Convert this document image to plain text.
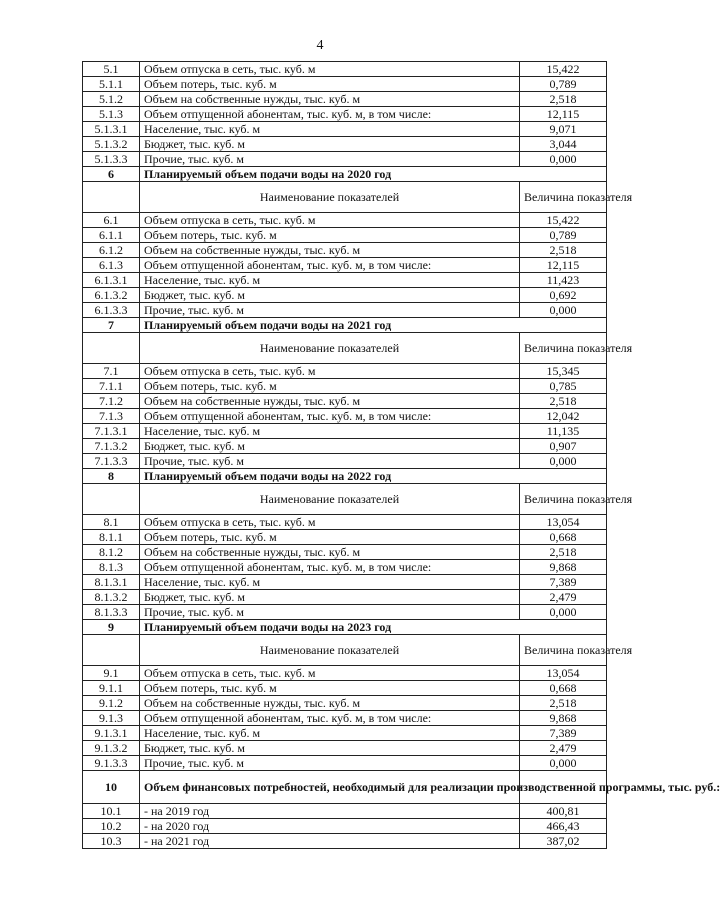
4
5.1	Объем отпуска в сеть, тыс. куб. м	15,422
5.1.1	Объем потерь, тыс. куб. м	0,789
5.1.2	Объем на собственные нужды, тыс. куб. м	2,518
5.1.3	Объем отпущенной абонентам, тыс. куб. м, в том числе:	12,115
5.1.3.1	Население, тыс. куб. м	9,071
5.1.3.2	Бюджет, тыс. куб. м	3,044
5.1.3.3	Прочие, тыс. куб. м	0,000
6	Планируемый объем подачи воды на 2020 год	
	Наименование показателей	Величина показателя
6.1	Объем отпуска в сеть, тыс. куб. м	15,422
6.1.1	Объем потерь, тыс. куб. м	0,789
6.1.2	Объем на собственные нужды, тыс. куб. м	2,518
6.1.3	Объем отпущенной абонентам, тыс. куб. м, в том числе:	12,115
6.1.3.1	Население, тыс. куб. м	11,423
6.1.3.2	Бюджет, тыс. куб. м	0,692
6.1.3.3	Прочие, тыс. куб. м	0,000
7	Планируемый объем подачи воды на 2021 год	
	Наименование показателей	Величина показателя
7.1	Объем отпуска в сеть, тыс. куб. м	15,345
7.1.1	Объем потерь, тыс. куб. м	0,785
7.1.2	Объем на собственные нужды, тыс. куб. м	2,518
7.1.3	Объем отпущенной абонентам, тыс. куб. м, в том числе:	12,042
7.1.3.1	Население, тыс. куб. м	11,135
7.1.3.2	Бюджет, тыс. куб. м	0,907
7.1.3.3	Прочие, тыс. куб. м	0,000
8	Планируемый объем подачи воды на 2022 год	
	Наименование показателей	Величина показателя
8.1	Объем отпуска в сеть, тыс. куб. м	13,054
8.1.1	Объем потерь, тыс. куб. м	0,668
8.1.2	Объем на собственные нужды, тыс. куб. м	2,518
8.1.3	Объем отпущенной абонентам, тыс. куб. м, в том числе:	9,868
8.1.3.1	Население, тыс. куб. м	7,389
8.1.3.2	Бюджет, тыс. куб. м	2,479
8.1.3.3	Прочие, тыс. куб. м	0,000
9	Планируемый объем подачи воды на 2023 год	
	Наименование показателей	Величина показателя
9.1	Объем отпуска в сеть, тыс. куб. м	13,054
9.1.1	Объем потерь, тыс. куб. м	0,668
9.1.2	Объем на собственные нужды, тыс. куб. м	2,518
9.1.3	Объем отпущенной абонентам, тыс. куб. м, в том числе:	9,868
9.1.3.1	Население, тыс. куб. м	7,389
9.1.3.2	Бюджет, тыс. куб. м	2,479
9.1.3.3	Прочие, тыс. куб. м	0,000
10	Объем финансовых потребностей, необходимый для реализации производственной программы, тыс. руб.:	
10.1	- на 2019 год	400,81
10.2	- на 2020 год	466,43
10.3	- на 2021 год	387,02
